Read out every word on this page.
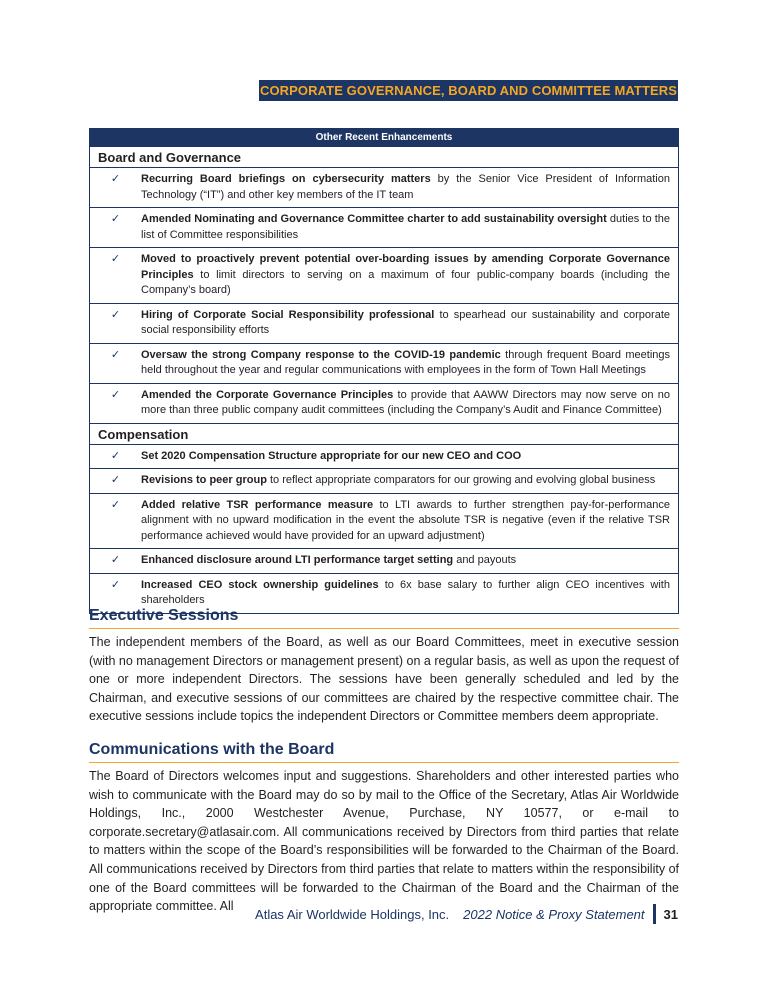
CORPORATE GOVERNANCE, BOARD AND COMMITTEE MATTERS
Other Recent Enhancements
Board and Governance
✓	Recurring Board briefings on cybersecurity matters by the Senior Vice President of Information Technology (“IT”) and other key members of the IT team
✓	Amended Nominating and Governance Committee charter to add sustainability oversight duties to the list of Committee responsibilities
✓	Moved to proactively prevent potential over-boarding issues by amending Corporate Governance Principles to limit directors to serving on a maximum of four public-company boards (including the Company’s board)
✓	Hiring of Corporate Social Responsibility professional to spearhead our sustainability and corporate social responsibility efforts
✓	Oversaw the strong Company response to the COVID-19 pandemic through frequent Board meetings held throughout the year and regular communications with employees in the form of Town Hall Meetings
✓	Amended the Corporate Governance Principles to provide that AAWW Directors may now serve on no more than three public company audit committees (including the Company’s Audit and Finance Committee)
Compensation
✓	Set 2020 Compensation Structure appropriate for our new CEO and COO
✓	Revisions to peer group to reflect appropriate comparators for our growing and evolving global business
✓	Added relative TSR performance measure to LTI awards to further strengthen pay-for-performance alignment with no upward modification in the event the absolute TSR is negative (even if the relative TSR performance achieved would have provided for an upward adjustment)
✓	Enhanced disclosure around LTI performance target setting and payouts
✓	Increased CEO stock ownership guidelines to 6x base salary to further align CEO incentives with shareholders
Executive Sessions

The independent members of the Board, as well as our Board Committees, meet in executive session (with no management Directors or management present) on a regular basis, as well as upon the request of one or more independent Directors. The sessions have been generally scheduled and led by the Chairman, and executive sessions of our committees are chaired by the respective committee chair. The executive sessions include topics the independent Directors or Committee members deem appropriate.

Communications with the Board

The Board of Directors welcomes input and suggestions. Shareholders and other interested parties who wish to communicate with the Board may do so by mail to the Office of the Secretary, Atlas Air Worldwide Holdings, Inc., 2000 Westchester Avenue, Purchase, NY 10577, or e-mail to corporate.secretary@atlasair.com. All communications received by Directors from third parties that relate to matters within the scope of the Board’s responsibilities will be forwarded to the Chairman of the Board. All communications received by Directors from third parties that relate to matters within the responsibility of one of the Board committees will be forwarded to the Chairman of the Board and the Chairman of the appropriate committee. All

Atlas Air Worldwide Holdings, Inc. 2022 Notice & Proxy Statement 31
